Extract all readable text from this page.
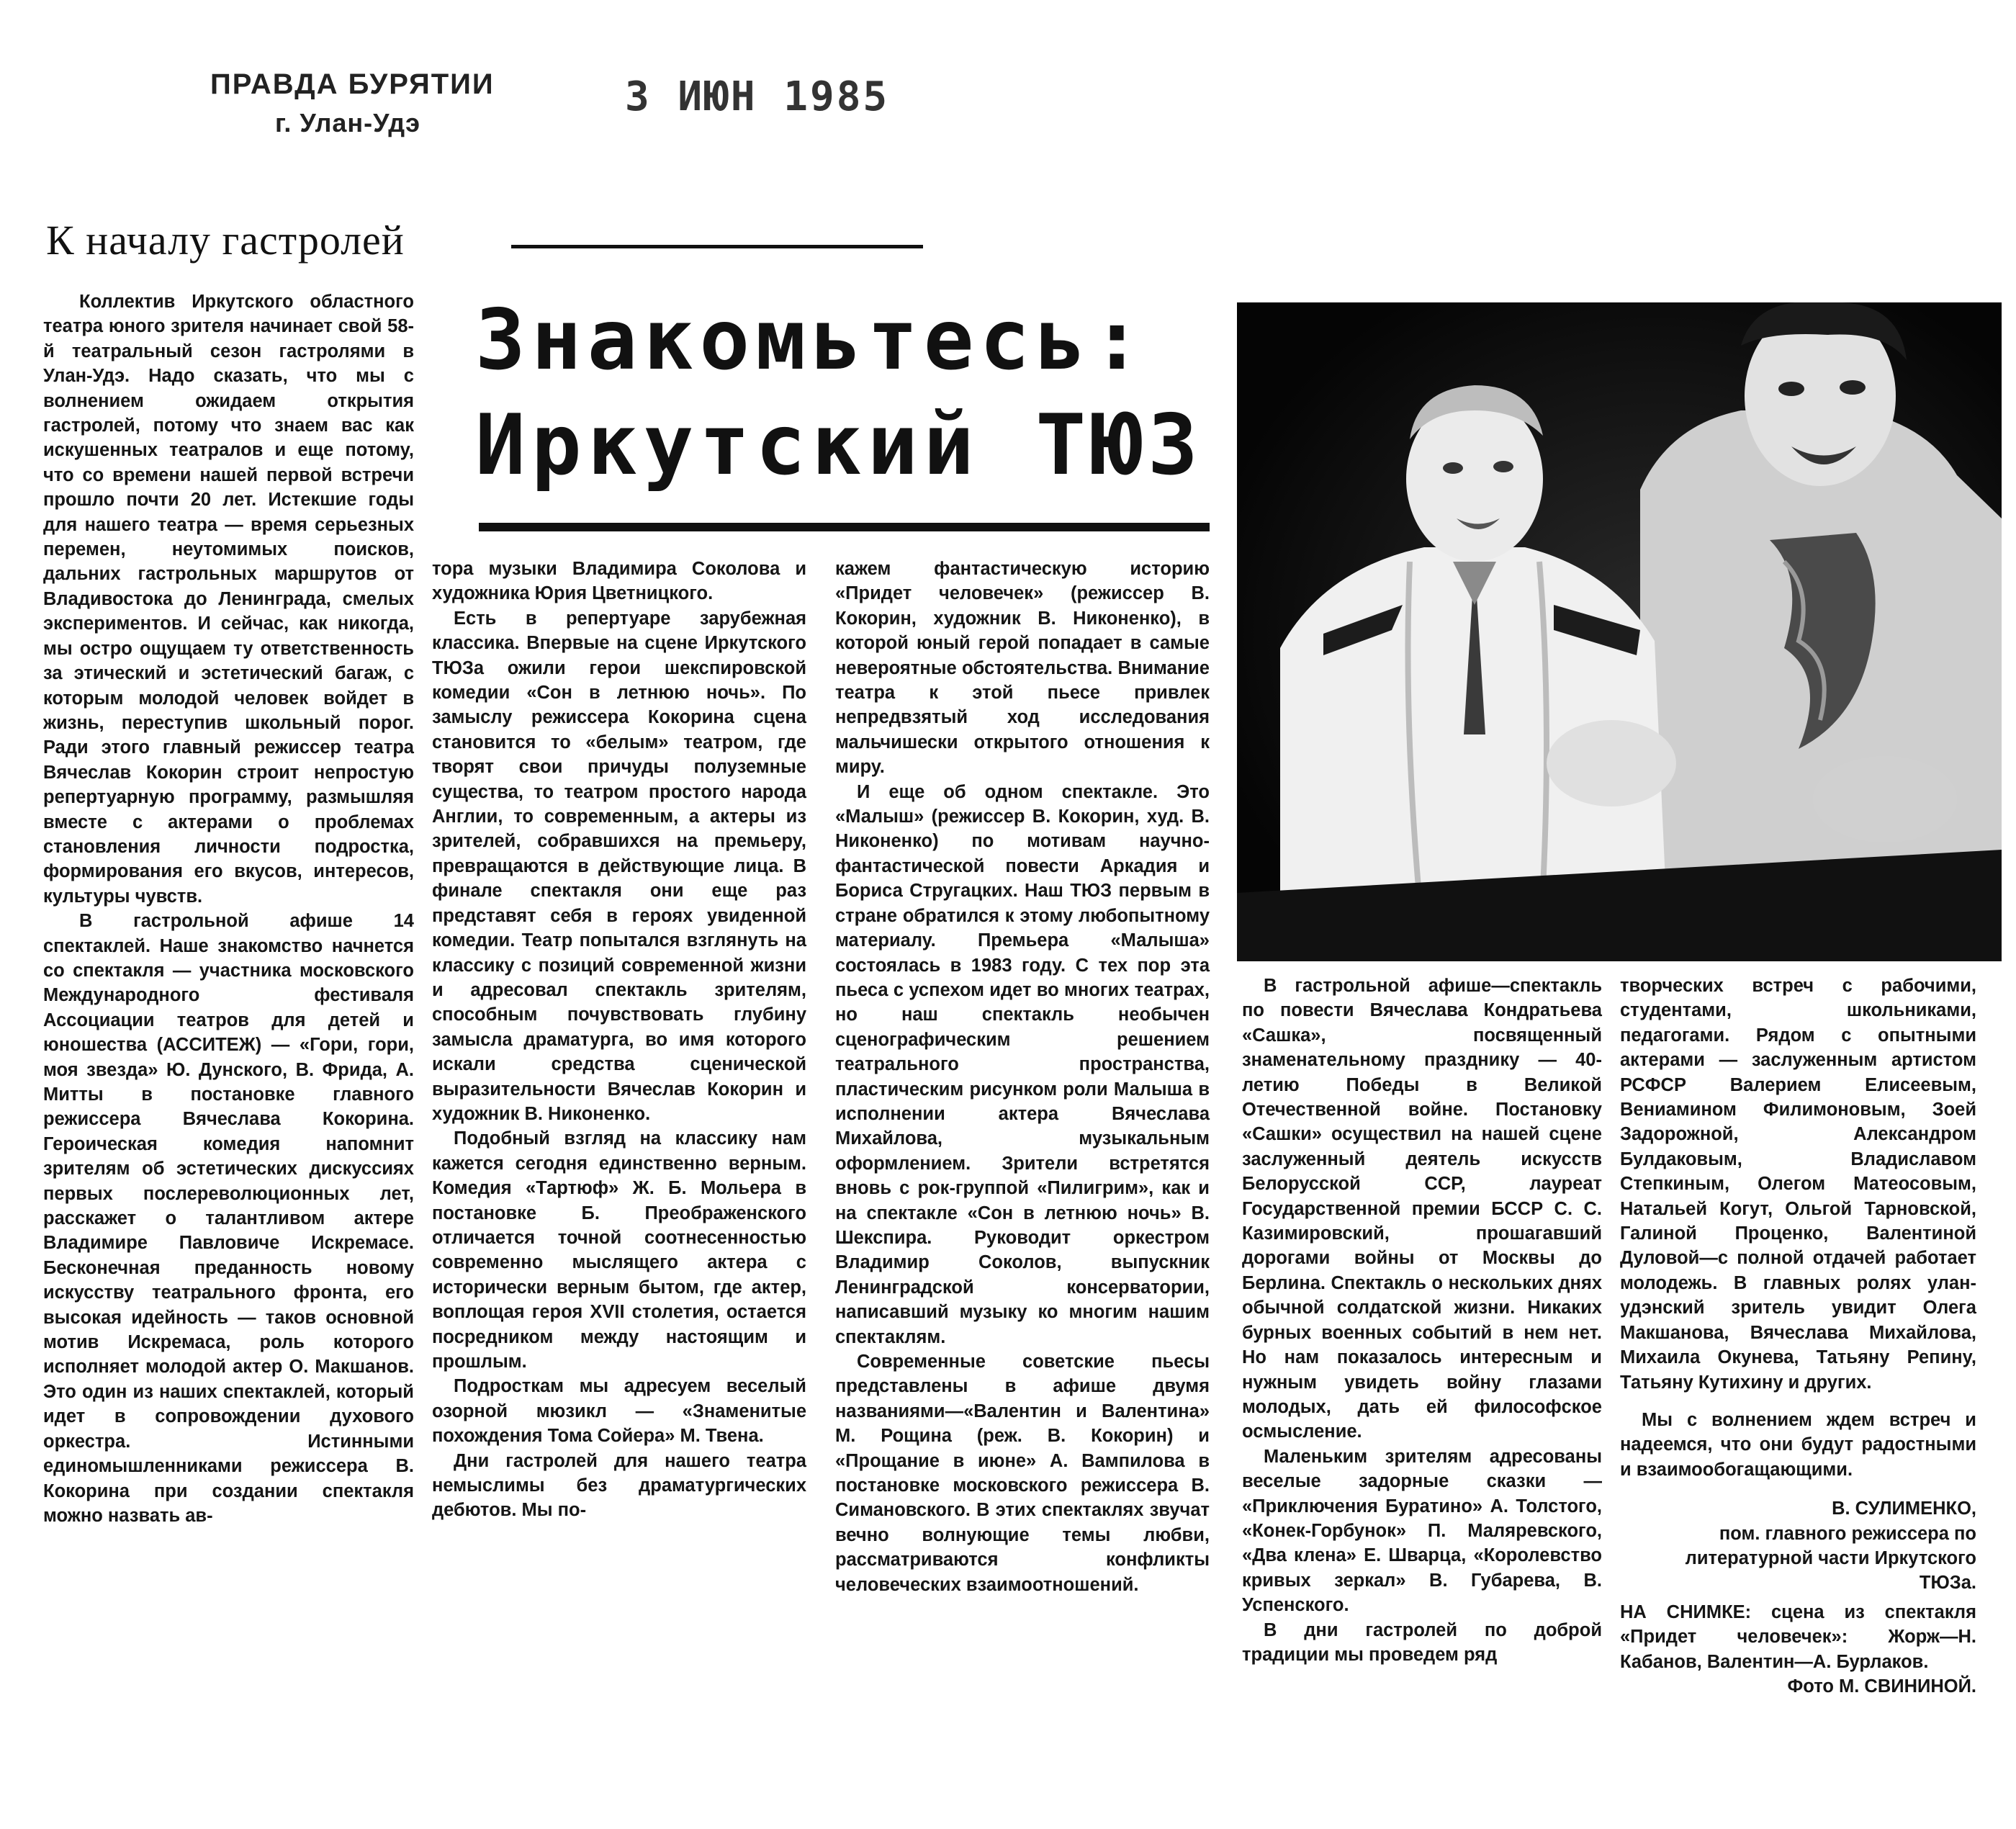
ПРАВДА БУРЯТИИ
г. Улан-Удэ
3 ИЮН 1985
К началу гастролей
Знакомьтесь:
Иркутский ТЮЗ

Коллектив Иркутского областного театра юного зрителя начинает свой 58-й театральный сезон гастролями в Улан-Удэ. Надо сказать, что мы с волнением ожидаем открытия гастролей, потому что знаем вас как искушенных театралов и еще потому, что со времени нашей первой встречи прошло почти 20 лет. Истекшие годы для нашего театра — время серьезных перемен, неутомимых поисков, дальних гастрольных маршрутов от Владивостока до Ленинграда, смелых экспериментов. И сейчас, как никогда, мы остро ощущаем ту ответственность за этический и эстетический багаж, с которым молодой человек войдет в жизнь, переступив школьный порог. Ради этого главный режиссер театра Вячеслав Кокорин строит непростую репертуарную программу, размышляя вместе с актерами о проблемах становления личности подростка, формирования его вкусов, интересов, культуры чувств.

В гастрольной афише 14 спектаклей. Наше знакомство начнется со спектакля — участника московского Международного фестиваля Ассоциации театров для детей и юношества (АССИТЕЖ) — «Гори, гори, моя звезда» Ю. Дунского, В. Фрида, А. Митты в постановке главного режиссера Вячеслава Кокорина. Героическая комедия напомнит зрителям об эстетических дискуссиях первых послереволюционных лет, расскажет о талантливом актере Владимире Павловиче Искремасе. Бесконечная преданность новому искусству театрального фронта, его высокая идейность — таков основной мотив Искремаса, роль которого исполняет молодой актер О. Макшанов. Это один из наших спектаклей, который идет в сопровождении духового оркестра. Истинными единомышленниками режиссера В. Кокорина при создании спектакля можно назвать ав-

тора музыки Владимира Соколова и художника Юрия Цветницкого.

Есть в репертуаре зарубежная классика. Впервые на сцене Иркутского ТЮЗа ожили герои шекспировской комедии «Сон в летнюю ночь». По замыслу режиссера Кокорина сцена становится то «белым» театром, где творят свои причуды полуземные существа, то театром простого народа Англии, то современным, а актеры из зрителей, собравшихся на премьеру, превращаются в действующие лица. В финале спектакля они еще раз представят себя в героях увиденной комедии. Театр попытался взглянуть на классику с позиций современной жизни и адресовал спектакль зрителям, способным почувствовать глубину замысла драматурга, во имя которого искали средства сценической выразительности Вячеслав Кокорин и художник В. Никоненко.

Подобный взгляд на классику нам кажется сегодня единственно верным. Комедия «Тартюф» Ж. Б. Мольера в постановке Б. Преображенского отличается точной соотнесенностью современно мыслящего актера с исторически верным бытом, где актер, воплощая героя XVII столетия, остается посредником между настоящим и прошлым.

Подросткам мы адресуем веселый озорной мюзикл — «Знаменитые похождения Тома Сойера» М. Твена.

Дни гастролей для нашего театра немыслимы без драматургических дебютов. Мы по-

кажем фантастическую историю «Придет человечек» (режиссер В. Кокорин, художник В. Никоненко), в которой юный герой попадает в самые невероятные обстоятельства. Внимание театра к этой пьесе привлек непредвзятый ход исследования мальчишески открытого отношения к миру.

И еще об одном спектакле. Это «Малыш» (режиссер В. Кокорин, худ. В. Никоненко) по мотивам научно-фантастической повести Аркадия и Бориса Стругацких. Наш ТЮЗ первым в стране обратился к этому любопытному материалу. Премьера «Малыша» состоялась в 1983 году. С тех пор эта пьеса с успехом идет во многих театрах, но наш спектакль необычен сценографическим решением театрального пространства, пластическим рисунком роли Малыша в исполнении актера Вячеслава Михайлова, музыкальным оформлением. Зрители встретятся вновь с рок-группой «Пилигрим», как и на спектакле «Сон в летнюю ночь» В. Шекспира. Руководит оркестром Владимир Соколов, выпускник Ленинградской консерватории, написавший музыку ко многим нашим спектаклям.

Современные советские пьесы представлены в афише двумя названиями—«Валентин и Валентина» М. Рощина (реж. В. Кокорин) и «Прощание в июне» А. Вампилова в постановке московского режиссера В. Симановского. В этих спектаклях звучат вечно волнующие темы любви, рассматриваются конфликты человеческих взаимоотношений.

В гастрольной афише—спектакль по повести Вячеслава Кондратьева «Сашка», посвященный знаменательному празднику — 40-летию Победы в Великой Отечественной войне. Постановку «Сашки» осуществил на нашей сцене заслуженный деятель искусств Белорусской ССР, лауреат Государственной премии БССР С. С. Казимировский, прошагавший дорогами войны от Москвы до Берлина. Спектакль о нескольких днях обычной солдатской жизни. Никаких бурных военных событий в нем нет. Но нам показалось интересным и нужным увидеть войну глазами молодых, дать ей философское осмысление.

Маленьким зрителям адресованы веселые задорные сказки — «Приключения Буратино» А. Толстого, «Конек-Горбунок» П. Маляревского, «Два клена» Е. Шварца, «Королевство кривых зеркал» В. Губарева, В. Успенского.

В дни гастролей по доброй традиции мы проведем ряд

творческих встреч с рабочими, студентами, школьниками, педагогами. Рядом с опытными актерами — заслуженным артистом РСФСР Валерием Елисеевым, Вениамином Филимоновым, Зоей Задорожной, Александром Булдаковым, Владиславом Степкиным, Олегом Матеосовым, Натальей Когут, Ольгой Тарновской, Галиной Проценко, Валентиной Дуловой—с полной отдачей работает молодежь. В главных ролях улан-удэнский зритель увидит Олега Макшанова, Вячеслава Михайлова, Михаила Окунева, Татьяну Репину, Татьяну Кутихину и других.

Мы с волнением ждем встреч и надеемся, что они будут радостными и взаимообогащающими.

В. СУЛИМЕНКО,

пом. главного режиссера по литературной части Иркутского ТЮЗа.

НА СНИМКЕ: сцена из спектакля «Придет человечек»: Жорж—Н. Кабанов, Валентин—А. Бурлаков.

Фото М. СВИНИНОЙ.
